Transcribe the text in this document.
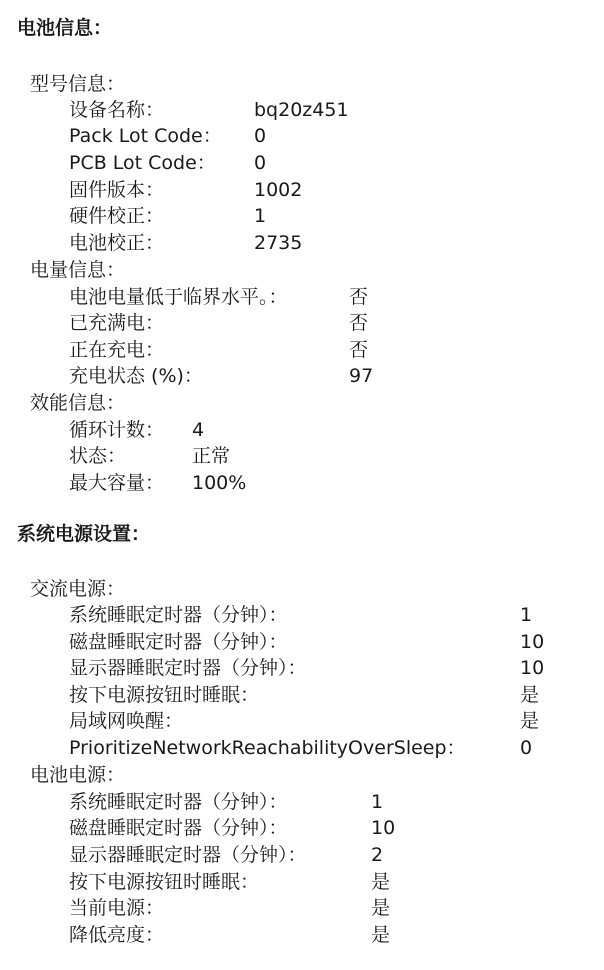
电池信息：
型号信息：
设备名称：	bq20z451
Pack Lot Code： 0
PCB Lot Code： 0
固件版本：	1002
硬件校正：	1
电池校正：	2735
电量信息：
电池电量低于临界水平。：	否
已充满电：	否
正在充电：	否
充电状态 (%)：	97
效能信息：
循环计数： 4
状态：	正常
最大容量： 100%
系统电源设置：
交流电源：
系统睡眠定时器（分钟）：	1
磁盘睡眠定时器（分钟）：	10
显示器睡眠定时器（分钟）：	10
按下电源按钮时睡眠：	是
局域网唤醒：	是
PrioritizeNetworkReachabilityOverSleep：	0
电池电源：
系统睡眠定时器（分钟）：	1
磁盘睡眠定时器（分钟）：	10
显示器睡眠定时器（分钟）：	2
按下电源按钮时睡眠：	是
当前电源：	是
降低亮度：	是
